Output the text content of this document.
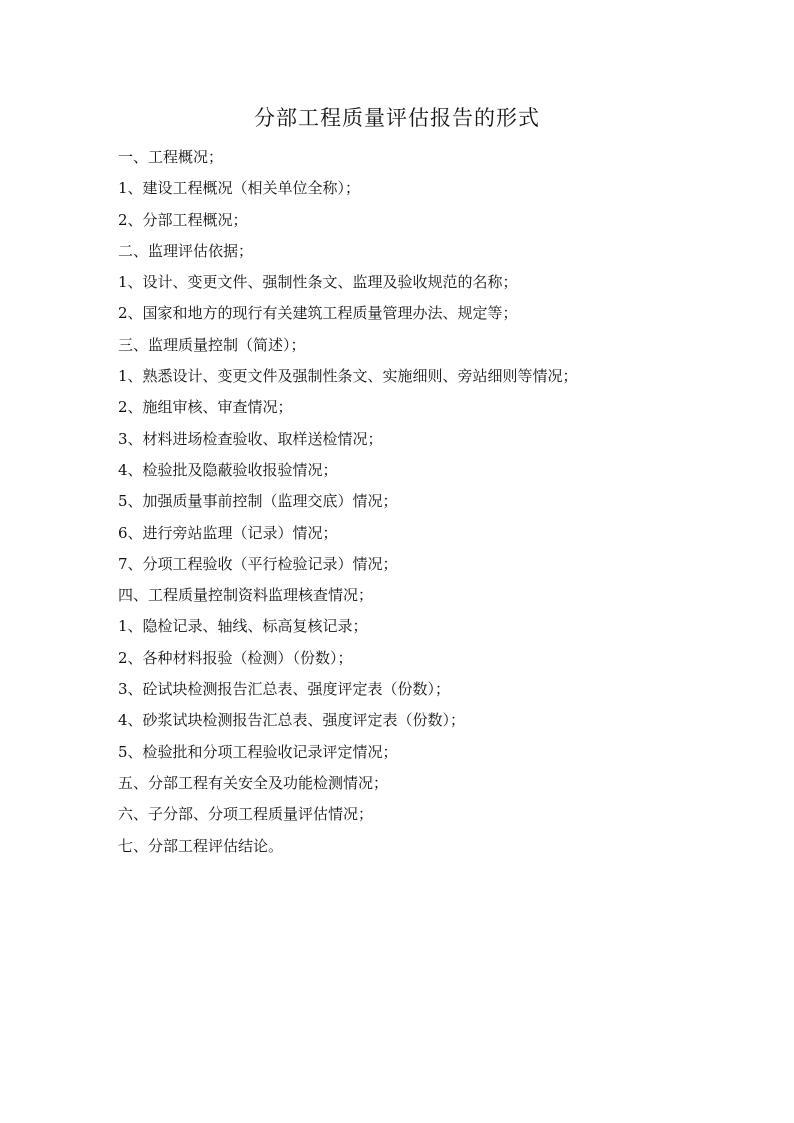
分部工程质量评估报告的形式
一、工程概况；
1、建设工程概况（相关单位全称）；
2、分部工程概况；
二、监理评估依据；
1、设计、变更文件、强制性条文、监理及验收规范的名称；
2、国家和地方的现行有关建筑工程质量管理办法、规定等；
三、监理质量控制（简述）；
1、熟悉设计、变更文件及强制性条文、实施细则、旁站细则等情况；
2、施组审核、审查情况；
3、材料进场检查验收、取样送检情况；
4、检验批及隐蔽验收报验情况；
5、加强质量事前控制（监理交底）情况；
6、进行旁站监理（记录）情况；
7、分项工程验收（平行检验记录）情况；
四、工程质量控制资料监理核查情况；
1、隐检记录、轴线、标高复核记录；
2、各种材料报验（检测）（份数）；
3、砼试块检测报告汇总表、强度评定表（份数）；
4、砂浆试块检测报告汇总表、强度评定表（份数）；
5、检验批和分项工程验收记录评定情况；
五、分部工程有关安全及功能检测情况；
六、子分部、分项工程质量评估情况；
七、分部工程评估结论。
